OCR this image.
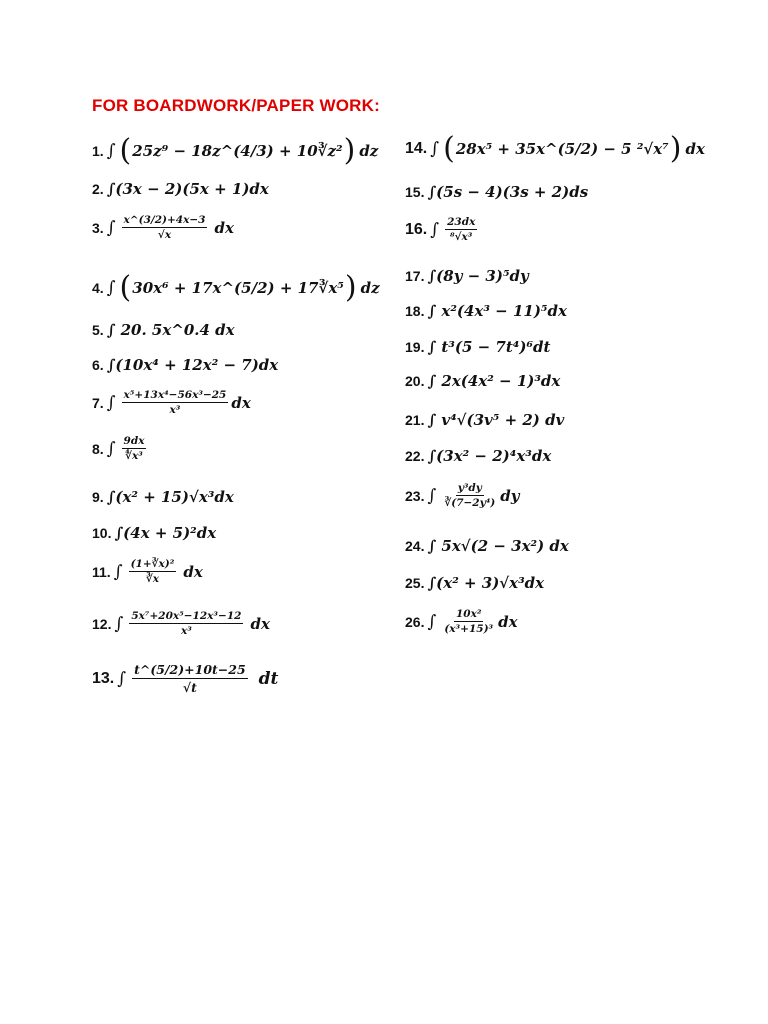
FOR BOARDWORK/PAPER WORK:
1. ∫ ( 25z⁹ − 18z^(4/3) + 10∛z² ) dz
2. ∫(3x − 2)(5x + 1)dx
3. ∫ x^(3/2)+4x−3
√x	dx
4. ∫ ( 30x⁶ + 17x^(5/2) + 17∛x⁵ ) dz
5. ∫ 20. 5x^0.4 dx
6. ∫(10x⁴ + 12x² − 7)dx
7. ∫ x⁵+13x⁴−56x³−25
x³	dx
8. ∫ 9dx
∜x³
9. ∫(x² + 15)√x³dx
10. ∫(4x + 5)²dx
11. ∫ (1+∛x)²
∛x dx
12. ∫ 5x⁷+20x⁵−12x³−12
x³	dx
13. ∫ t^(5/2)+10t−25
√t	dt
14. ∫ ( 28x⁵ + 35x^(5/2) − 5 ²√x⁷ ) dx
15. ∫(5s − 4)(3s + 2)ds
16. ∫ 23dx
⁸√x³
17. ∫(8y − 3)⁵dy
18. ∫ x²(4x³ − 11)⁵dx
19. ∫ t³(5 − 7t⁴)⁶dt
20. ∫ 2x(4x² − 1)³dx
21. ∫ v⁴√(3v⁵ + 2) dv
22. ∫(3x² − 2)⁴x³dx
23. ∫ y³dy
∛(7−2y⁴) dy
24. ∫ 5x√(2 − 3x²) dx
25. ∫(x² + 3)√x³dx
26. ∫ 10x²
(x³+15)³ dx
